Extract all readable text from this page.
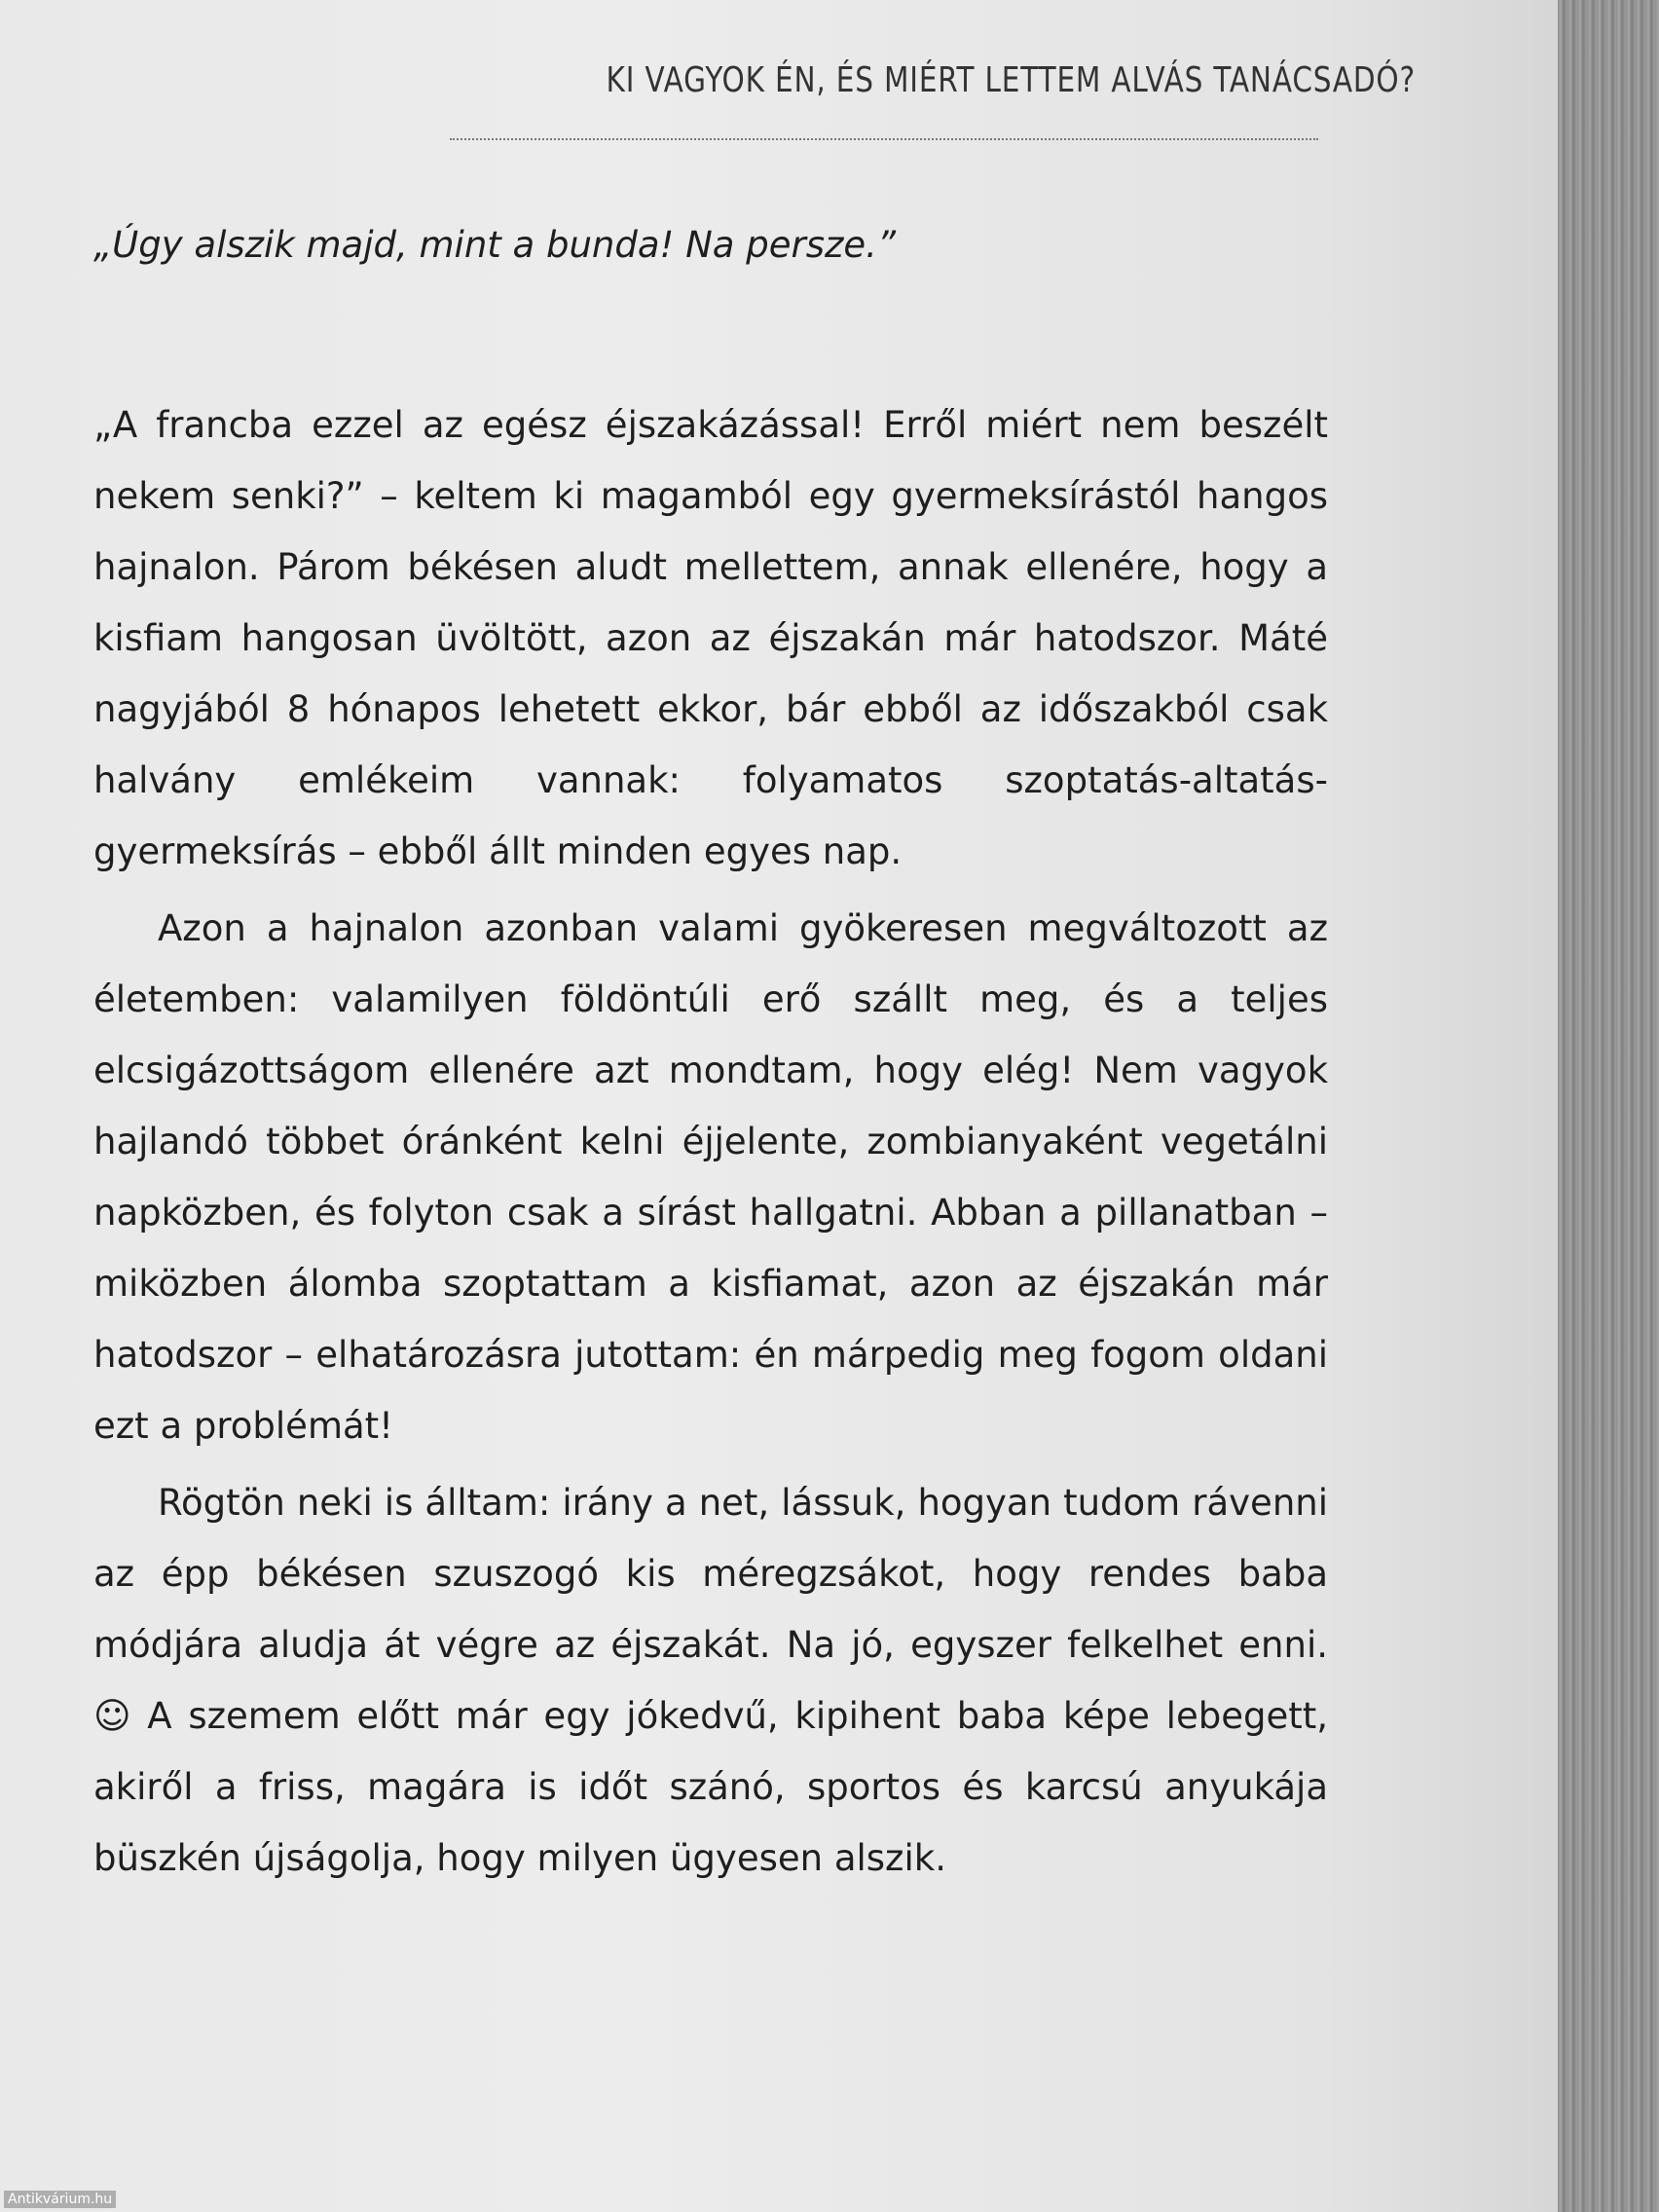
KI VAGYOK ÉN, ÉS MIÉRT LETTEM ALVÁS TANÁCSADÓ?

„Úgy alszik majd, mint a bunda! Na persze.”

„A francba ezzel az egész éjszakázással! Erről miért nem beszélt nekem senki?” – keltem ki magamból egy gyermeksírástól hangos hajnalon. Párom békésen aludt mellettem, annak ellenére, hogy a kisfiam hangosan üvöltött, azon az éjszakán már hatodszor. Máté nagyjából 8 hónapos lehetett ekkor, bár ebből az időszakból csak halvány emlékeim vannak: folyamatos szoptatás-altatás-gyermeksírás – ebből állt minden egyes nap.

Azon a hajnalon azonban valami gyökeresen megváltozott az életemben: valamilyen földöntúli erő szállt meg, és a teljes elcsigázottságom ellenére azt mondtam, hogy elég! Nem vagyok hajlandó többet óránként kelni éjjelente, zombianyaként vegetálni napközben, és folyton csak a sírást hallgatni. Abban a pillanatban – miközben álomba szoptattam a kisfiamat, azon az éjszakán már hatodszor – elhatározásra jutottam: én márpedig meg fogom oldani ezt a problémát!

Rögtön neki is álltam: irány a net, lássuk, hogyan tudom rávenni az épp békésen szuszogó kis méregzsákot, hogy rendes baba módjára aludja át végre az éjszakát. Na jó, egyszer felkelhet enni. ☺ A szemem előtt már egy jókedvű, kipihent baba képe lebegett, akiről a friss, magára is időt szánó, sportos és karcsú anyukája büszkén újságolja, hogy milyen ügyesen alszik.

Antikvárium.hu
